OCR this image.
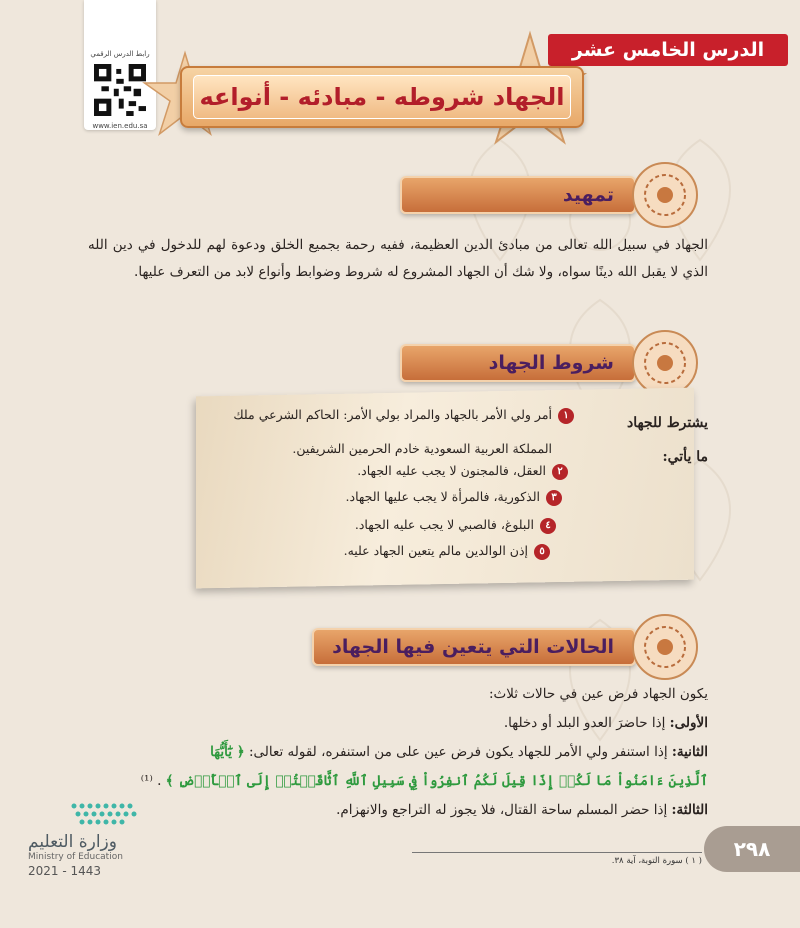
رابط الدرس الرقمي
www.ien.edu.sa
الدرس الخامس عشر
الجهاد شروطه - مبادئه - أنواعه
تمهيد
الجهاد في سبيل الله تعالى من مبادئ الدين العظيمة، ففيه رحمة بجميع الخلق ودعوة لهم للدخول في دين الله الذي لا يقبل الله دينًا سواه، ولا شك أن الجهاد المشروع له شروط وضوابط وأنواع لابد من التعرف عليها.
شروط الجهاد
يشترط للجهاد
ما يأتي:
١أمر ولي الأمر بالجهاد والمراد بولي الأمر: الحاكم الشرعي ملك
المملكة العربية السعودية خادم الحرمين الشريفين.
٢العقل، فالمجنون لا يجب عليه الجهاد.
٣الذكورية، فالمرأة لا يجب عليها الجهاد.
٤البلوغ، فالصبي لا يجب عليه الجهاد.
٥إذن الوالدين مالم يتعين الجهاد عليه.
الحالات التي يتعين فيها الجهاد
يكون الجهاد فرض عين في حالات ثلاث:
الأولى: إذا حاضرَ العدو البلد أو دخلها.
الثانية: إذا استنفر ولي الأمر للجهاد يكون فرض عين على من استنفره، لقوله تعالى: ﴿ يَٰٓأَيُّهَا
ٱلَّذِينَ ءَامَنُواْ مَا لَكُمۡ إِذَا قِيلَ لَكُمُ ٱنفِرُواْ فِي سَبِيلِ ٱللَّهِ ٱثَّاقَلۡتُمۡ إِلَى ٱلۡأَرۡضِ ﴾ . ⁽¹⁾
الثالثة: إذا حضر المسلم ساحة القتال، فلا يجوز له التراجع والانهزام.
( ١ ) سورة التوبة، آية ٣٨.	٢٩٨
وزارة التعليم
Ministry of Education
2021 - 1443
